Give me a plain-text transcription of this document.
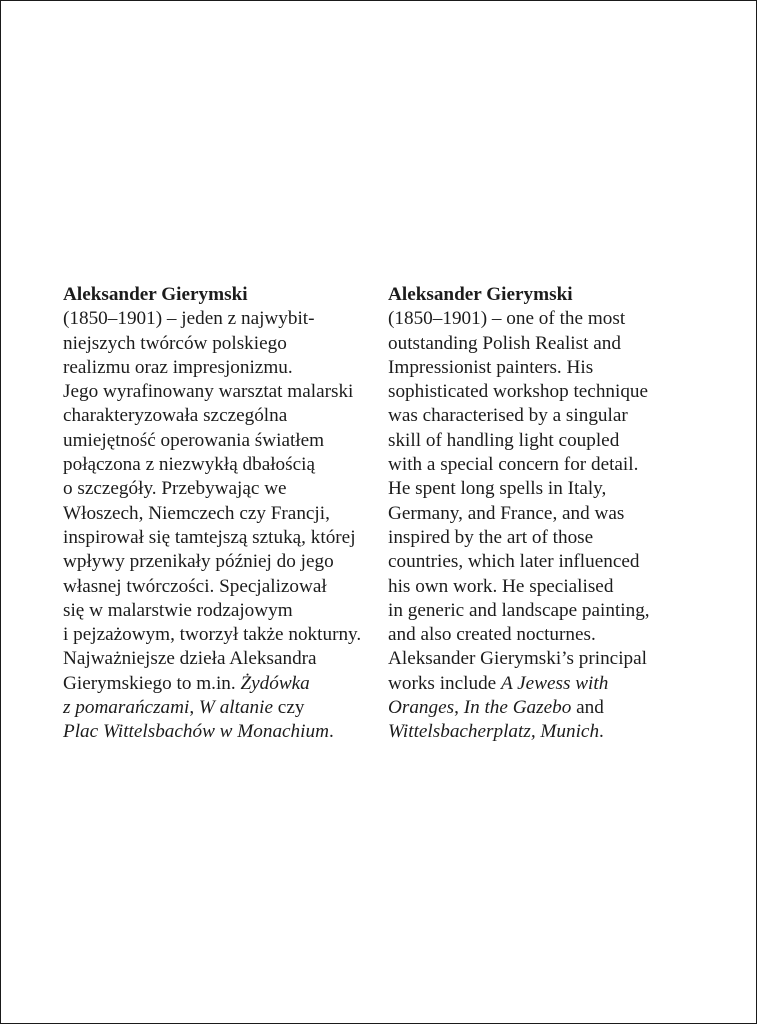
Aleksander Gierymski
(1850–1901) – jeden z najwybit-
niejszych twórców polskiego
realizmu oraz impresjonizmu.
Jego wyrafinowany warsztat malarski
charakteryzowała szczególna
umiejętność operowania światłem
połączona z niezwykłą dbałością
o szczegóły. Przebywając we
Włoszech, Niemczech czy Francji,
inspirował się tamtejszą sztuką, której
wpływy przenikały później do jego
własnej twórczości. Specjalizował
się w malarstwie rodzajowym
i pejzażowym, tworzył także nokturny.
Najważniejsze dzieła Aleksandra
Gierymskiego to m.in. Żydówka
z pomarańczami, W altanie czy
Plac Wittelsbachów w Monachium.
Aleksander Gierymski
(1850–1901) – one of the most
outstanding Polish Realist and
Impressionist painters. His
sophisticated workshop technique
was characterised by a singular
skill of handling light coupled
with a special concern for detail.
He spent long spells in Italy,
Germany, and France, and was
inspired by the art of those
countries, which later influenced
his own work. He specialised
in generic and landscape painting,
and also created nocturnes.
Aleksander Gierymski’s principal
works include A Jewess with
Oranges, In the Gazebo and
Wittelsbacherplatz, Munich.
